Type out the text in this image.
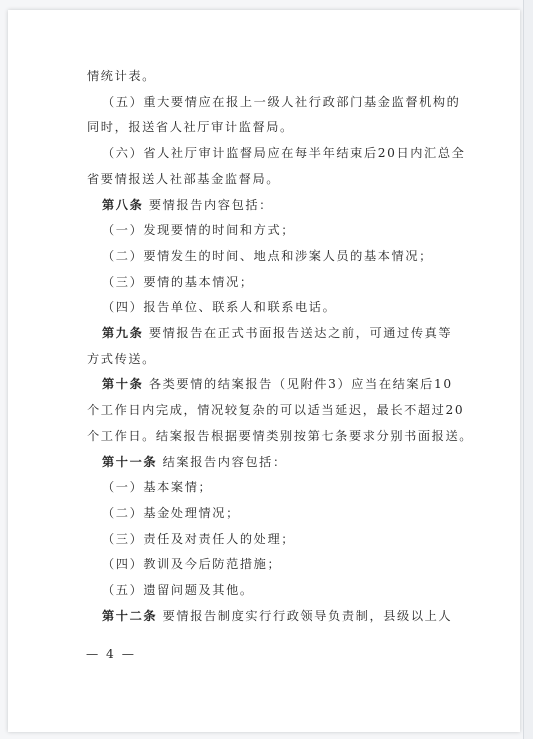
情统计表。
（五）重大要情应在报上一级人社行政部门基金监督机构的
同时，报送省人社厅审计监督局。
（六）省人社厅审计监督局应在每半年结束后20日内汇总全
省要情报送人社部基金监督局。
第八条 要情报告内容包括：
（一）发现要情的时间和方式；
（二）要情发生的时间、地点和涉案人员的基本情况；
（三）要情的基本情况；
（四）报告单位、联系人和联系电话。
第九条 要情报告在正式书面报告送达之前，可通过传真等
方式传送。
第十条 各类要情的结案报告（见附件3）应当在结案后10
个工作日内完成，情况较复杂的可以适当延迟，最长不超过20
个工作日。结案报告根据要情类别按第七条要求分别书面报送。
第十一条 结案报告内容包括：
（一）基本案情；
（二）基金处理情况；
（三）责任及对责任人的处理；
（四）教训及今后防范措施；
（五）遗留问题及其他。
第十二条 要情报告制度实行行政领导负责制，县级以上人
— 4 —
